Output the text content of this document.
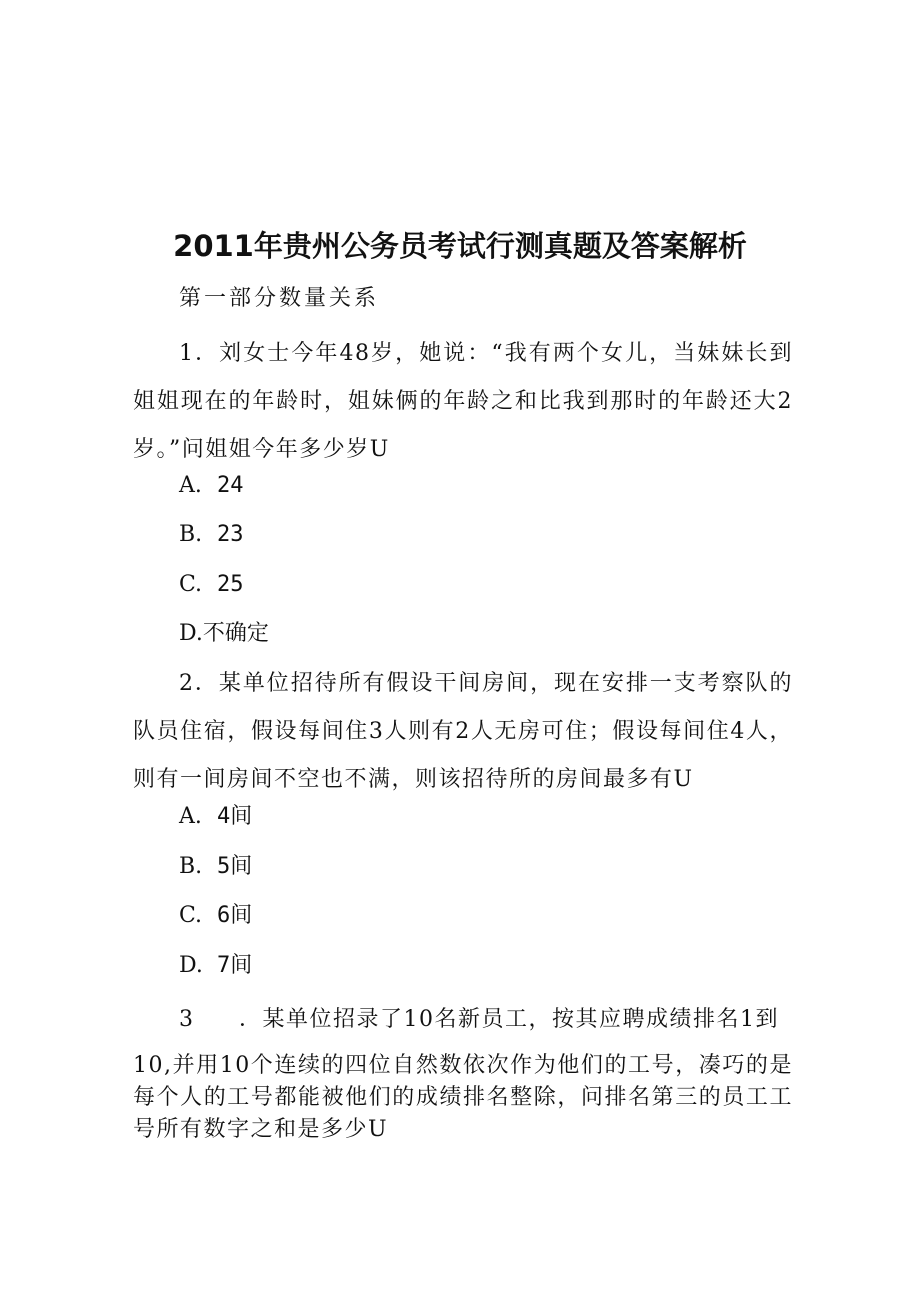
2011年贵州公务员考试行测真题及答案解析
第一部分数量关系
1．刘女士今年48岁，她说：“我有两个女儿，当妹妹长到姐姐现在的年龄时，姐妹俩的年龄之和比我到那时的年龄还大2岁。”问姐姐今年多少岁U
A. 24
B. 23
C. 25
D.不确定
2．某单位招待所有假设干间房间，现在安排一支考察队的队员住宿，假设每间住3人则有2人无房可住；假设每间住4人，则有一间房间不空也不满，则该招待所的房间最多有U
A. 4间
B. 5间
C. 6间
D. 7间
3 ．某单位招录了10名新员工，按其应聘成绩排名1到
10,并用10个连续的四位自然数依次作为他们的工号，凑巧的是每个人的工号都能被他们的成绩排名整除，问排名第三的员工工号所有数字之和是多少U
